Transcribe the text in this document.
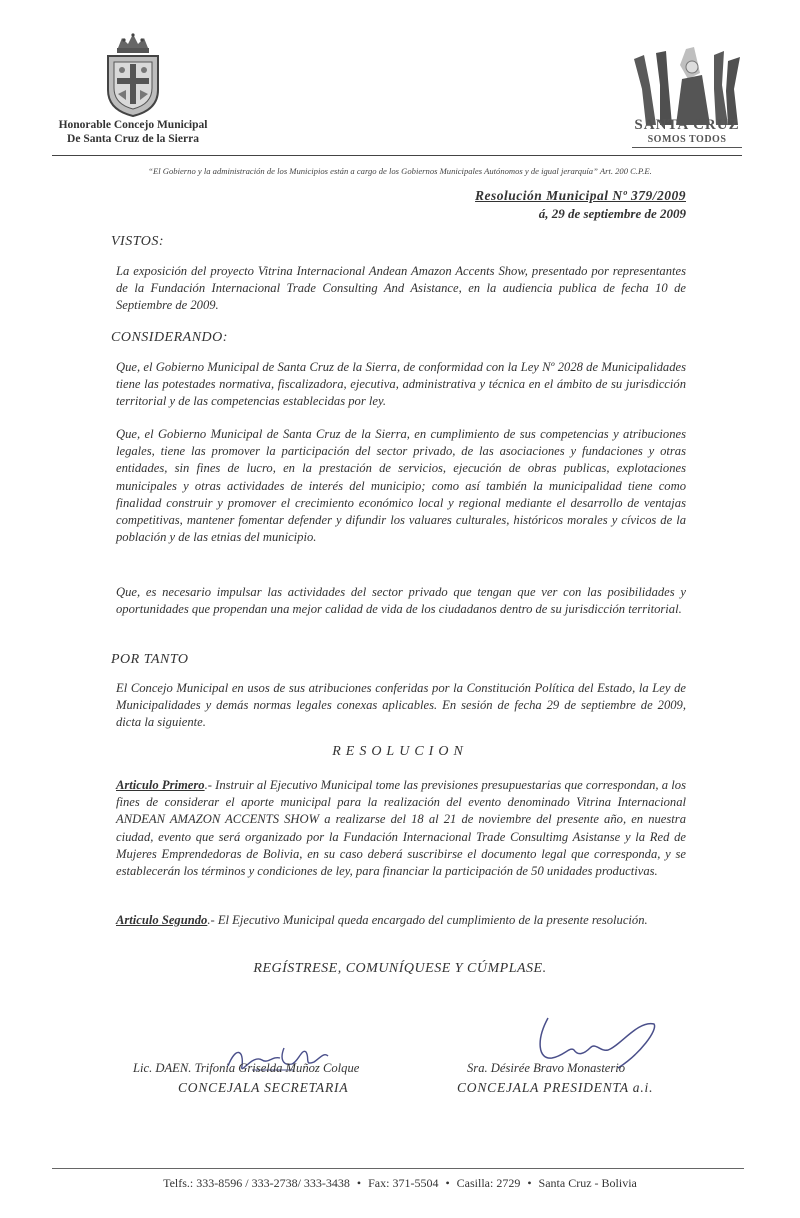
Honorable Concejo Municipal
De Santa Cruz de la Sierra
SANTA CRUZ
SOMOS TODOS
“El Gobierno y la administración de los Municipios están a cargo de los Gobiernos Municipales Autónomos y de igual jerarquía” Art. 200 C.P.E.
Resolución Municipal Nº 379/2009
á, 29 de septiembre de 2009
VISTOS:
La exposición del proyecto Vitrina Internacional Andean Amazon Accents Show, presentado por representantes de la Fundación Internacional Trade Consulting And Asistance, en la audiencia publica de fecha 10 de Septiembre de 2009.
CONSIDERANDO:
Que, el Gobierno Municipal de Santa Cruz de la Sierra, de conformidad con la Ley Nº 2028 de Municipalidades tiene las potestades normativa, fiscalizadora, ejecutiva, administrativa y técnica en el ámbito de su jurisdicción territorial y de las competencias establecidas por ley.
Que, el Gobierno Municipal de Santa Cruz de la Sierra, en cumplimiento de sus competencias y atribuciones legales, tiene las promover la participación del sector privado, de las asociaciones y fundaciones y otras entidades, sin fines de lucro, en la prestación de servicios, ejecución de obras publicas, explotaciones municipales y otras actividades de interés del municipio; como así también la municipalidad tiene como finalidad construir y promover el crecimiento económico local y regional mediante el desarrollo de ventajas competitivas, mantener fomentar defender y difundir los valuares culturales, históricos morales y cívicos de la población y de las etnias del municipio.
Que, es necesario impulsar las actividades del sector privado que tengan que ver con las posibilidades y oportunidades que propendan una mejor calidad de vida de los ciudadanos dentro de su jurisdicción territorial.
POR TANTO
El Concejo Municipal en usos de sus atribuciones conferidas por la Constitución Política del Estado, la Ley de Municipalidades y demás normas legales conexas aplicables. En sesión de fecha 29 de septiembre de 2009, dicta la siguiente.
RESOLUCION
Articulo Primero.- Instruir al Ejecutivo Municipal tome las previsiones presupuestarias que correspondan, a los fines de considerar el aporte municipal para la realización del evento denominado Vitrina Internacional ANDEAN AMAZON ACCENTS SHOW a realizarse del 18 al 21 de noviembre del presente año, en nuestra ciudad, evento que será organizado por la Fundación Internacional Trade Consultimg Asistanse y la Red de Mujeres Emprendedoras de Bolivia, en su caso deberá suscribirse el documento legal que corresponda, y se establecerán los términos y condiciones de ley, para financiar la participación de 50 unidades productivas.
Articulo Segundo.- El Ejecutivo Municipal queda encargado del cumplimiento de la presente resolución.
REGÍSTRESE, COMUNÍQUESE Y CÚMPLASE.
Lic. DAEN. Trifonia Griselda Muñoz Colque
CONCEJALA SECRETARIA
Sra. Désirée Bravo Monasterio
CONCEJALA PRESIDENTA a.i.
Telfs.: 333-8596 / 333-2738/ 333-3438 • Fax: 371-5504 • Casilla: 2729 • Santa Cruz - Bolivia
